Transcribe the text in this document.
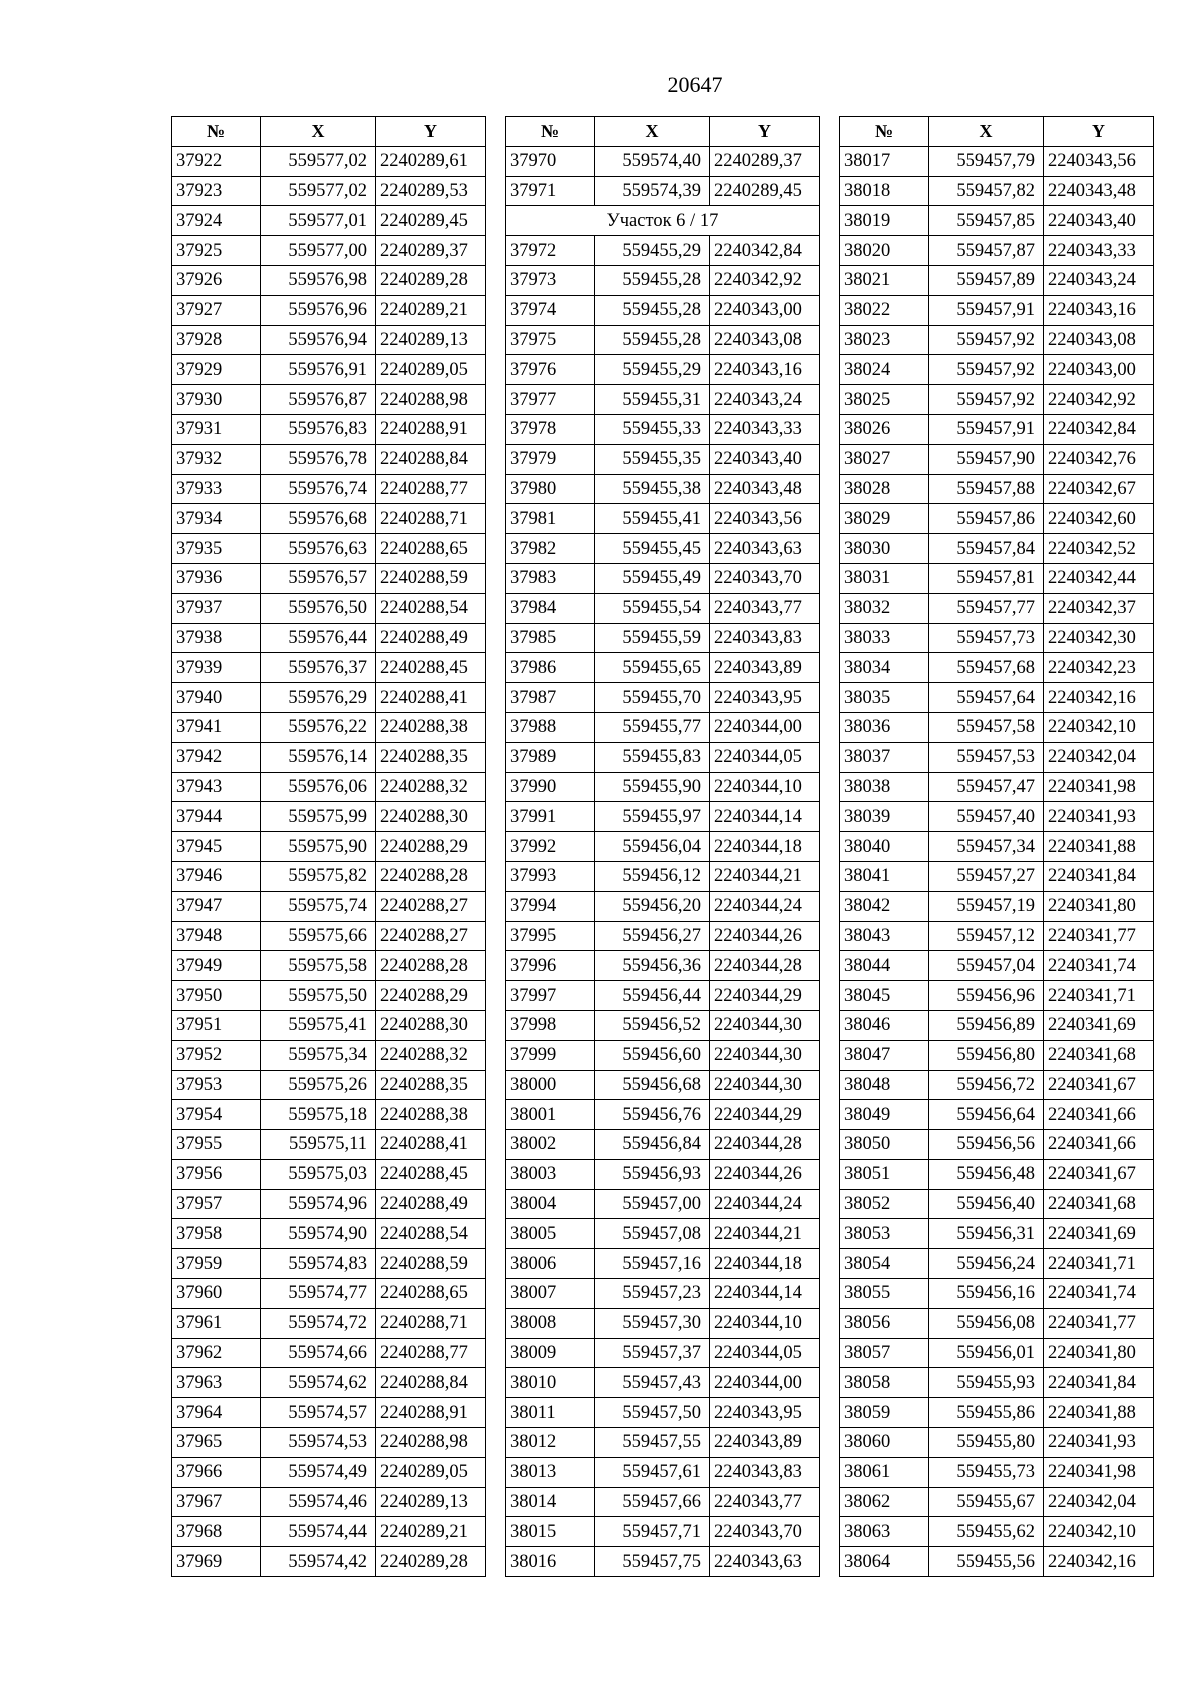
20647
№	X	Y
37922	559577,02	2240289,61
37923	559577,02	2240289,53
37924	559577,01	2240289,45
37925	559577,00	2240289,37
37926	559576,98	2240289,28
37927	559576,96	2240289,21
37928	559576,94	2240289,13
37929	559576,91	2240289,05
37930	559576,87	2240288,98
37931	559576,83	2240288,91
37932	559576,78	2240288,84
37933	559576,74	2240288,77
37934	559576,68	2240288,71
37935	559576,63	2240288,65
37936	559576,57	2240288,59
37937	559576,50	2240288,54
37938	559576,44	2240288,49
37939	559576,37	2240288,45
37940	559576,29	2240288,41
37941	559576,22	2240288,38
37942	559576,14	2240288,35
37943	559576,06	2240288,32
37944	559575,99	2240288,30
37945	559575,90	2240288,29
37946	559575,82	2240288,28
37947	559575,74	2240288,27
37948	559575,66	2240288,27
37949	559575,58	2240288,28
37950	559575,50	2240288,29
37951	559575,41	2240288,30
37952	559575,34	2240288,32
37953	559575,26	2240288,35
37954	559575,18	2240288,38
37955	559575,11	2240288,41
37956	559575,03	2240288,45
37957	559574,96	2240288,49
37958	559574,90	2240288,54
37959	559574,83	2240288,59
37960	559574,77	2240288,65
37961	559574,72	2240288,71
37962	559574,66	2240288,77
37963	559574,62	2240288,84
37964	559574,57	2240288,91
37965	559574,53	2240288,98
37966	559574,49	2240289,05
37967	559574,46	2240289,13
37968	559574,44	2240289,21
37969	559574,42	2240289,28
№	X	Y
37970	559574,40	2240289,37
37971	559574,39	2240289,45
Участок 6 / 17		
37972	559455,29	2240342,84
37973	559455,28	2240342,92
37974	559455,28	2240343,00
37975	559455,28	2240343,08
37976	559455,29	2240343,16
37977	559455,31	2240343,24
37978	559455,33	2240343,33
37979	559455,35	2240343,40
37980	559455,38	2240343,48
37981	559455,41	2240343,56
37982	559455,45	2240343,63
37983	559455,49	2240343,70
37984	559455,54	2240343,77
37985	559455,59	2240343,83
37986	559455,65	2240343,89
37987	559455,70	2240343,95
37988	559455,77	2240344,00
37989	559455,83	2240344,05
37990	559455,90	2240344,10
37991	559455,97	2240344,14
37992	559456,04	2240344,18
37993	559456,12	2240344,21
37994	559456,20	2240344,24
37995	559456,27	2240344,26
37996	559456,36	2240344,28
37997	559456,44	2240344,29
37998	559456,52	2240344,30
37999	559456,60	2240344,30
38000	559456,68	2240344,30
38001	559456,76	2240344,29
38002	559456,84	2240344,28
38003	559456,93	2240344,26
38004	559457,00	2240344,24
38005	559457,08	2240344,21
38006	559457,16	2240344,18
38007	559457,23	2240344,14
38008	559457,30	2240344,10
38009	559457,37	2240344,05
38010	559457,43	2240344,00
38011	559457,50	2240343,95
38012	559457,55	2240343,89
38013	559457,61	2240343,83
38014	559457,66	2240343,77
38015	559457,71	2240343,70
38016	559457,75	2240343,63
№	X	Y
38017	559457,79	2240343,56
38018	559457,82	2240343,48
38019	559457,85	2240343,40
38020	559457,87	2240343,33
38021	559457,89	2240343,24
38022	559457,91	2240343,16
38023	559457,92	2240343,08
38024	559457,92	2240343,00
38025	559457,92	2240342,92
38026	559457,91	2240342,84
38027	559457,90	2240342,76
38028	559457,88	2240342,67
38029	559457,86	2240342,60
38030	559457,84	2240342,52
38031	559457,81	2240342,44
38032	559457,77	2240342,37
38033	559457,73	2240342,30
38034	559457,68	2240342,23
38035	559457,64	2240342,16
38036	559457,58	2240342,10
38037	559457,53	2240342,04
38038	559457,47	2240341,98
38039	559457,40	2240341,93
38040	559457,34	2240341,88
38041	559457,27	2240341,84
38042	559457,19	2240341,80
38043	559457,12	2240341,77
38044	559457,04	2240341,74
38045	559456,96	2240341,71
38046	559456,89	2240341,69
38047	559456,80	2240341,68
38048	559456,72	2240341,67
38049	559456,64	2240341,66
38050	559456,56	2240341,66
38051	559456,48	2240341,67
38052	559456,40	2240341,68
38053	559456,31	2240341,69
38054	559456,24	2240341,71
38055	559456,16	2240341,74
38056	559456,08	2240341,77
38057	559456,01	2240341,80
38058	559455,93	2240341,84
38059	559455,86	2240341,88
38060	559455,80	2240341,93
38061	559455,73	2240341,98
38062	559455,67	2240342,04
38063	559455,62	2240342,10
38064	559455,56	2240342,16
